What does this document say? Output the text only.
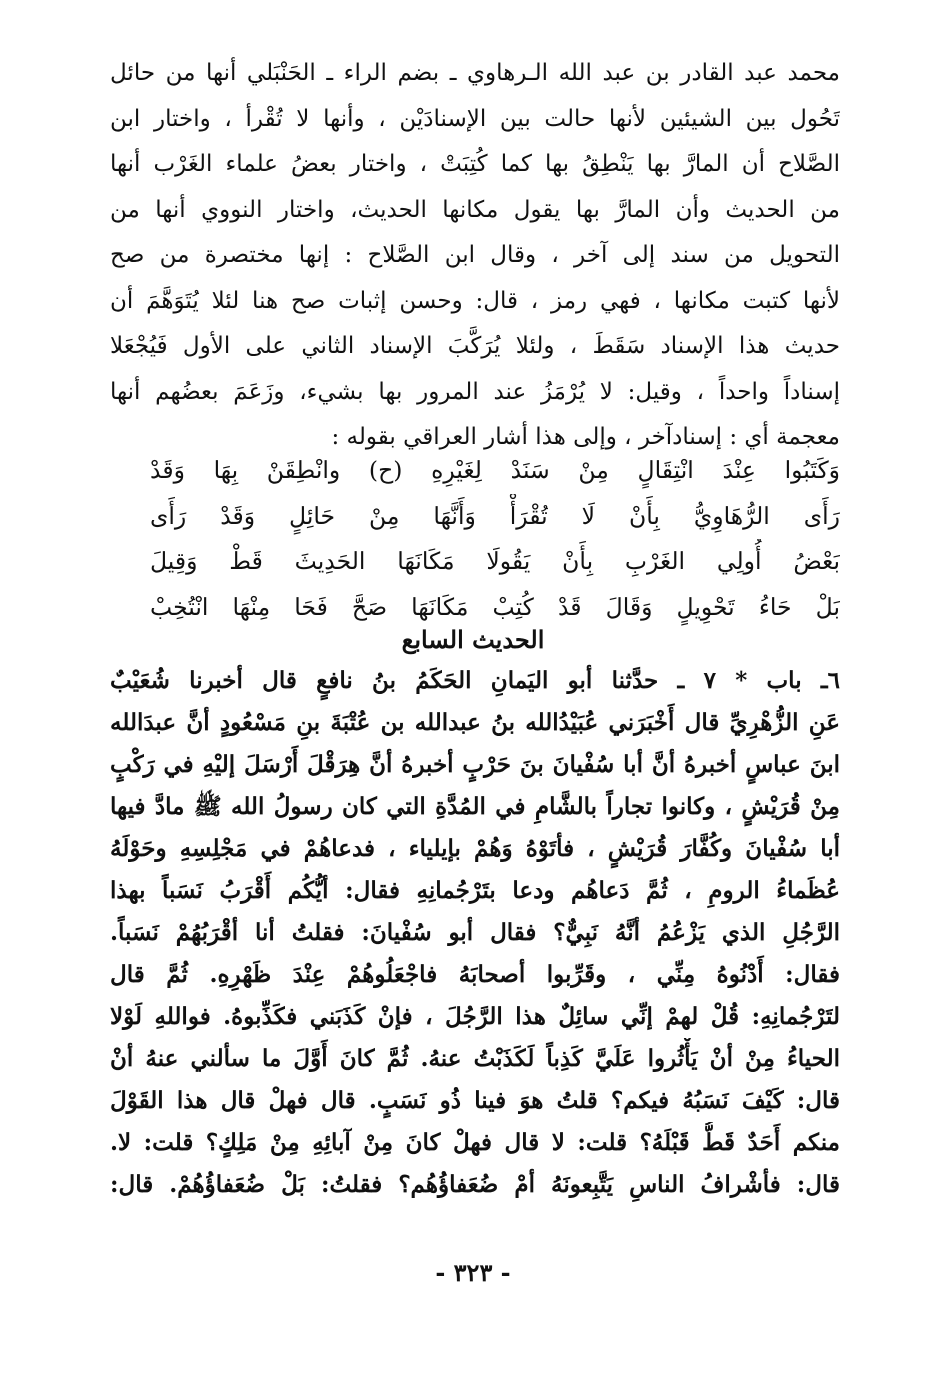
محمد عبد القادر بن عبد الله الـرهاوي ـ بضم الراء ـ الحَنْبَلي أنها من حائل
تَحُول بين الشيئين لأنها حالت بين الإسنادَيْن ، وأنها لا تُقْرأ ، واختار ابن
الصَّلاح أن المارَّ بها يَنْطِقُ بها كما كُتِبَتْ ، واختار بعضُ علماء الغَرْب أنها
من الحديث وأن المارَّ بها يقول مكانها الحديث، واختار النووي أنها من
التحويل من سند إلى آخر ، وقال ابن الصَّلاح : إنها مختصرة من صح
لأنها كتبت مكانها ، فهي رمز ، قال: وحسن إثبات صح هنا لئلا يُتَوَهَّمَ أن
حديث هذا الإسناد سَقَطَ ، ولئلا يُرَكَّبَ الإسناد الثاني على الأول فَيُجْعَلا
إسناداً واحداً ، وقيل: لا يُرْمَزُ عند المرور بها بشيء، وزَعَمَ بعضُهم أنها
معجمة أي : إسنادآخر ، وإلى هذا أشار العراقي بقوله :
وَكَتَبُوا عِنْدَ انْتِقَالٍ مِنْ سَنَدْ لِغَيْرِهِ (ح) وانْطِقَنْ بِهَا وَقَدْ
رَأَى الرُّهَاوِيُّ بِأَنْ لَا تُقْرَأْ وَأَنَّهَا مِنْ حَائِلٍ وَقَدْ رَأَى
بَعْضُ أُولِي الغَرْبِ بِأَنْ يَقُولَا مَكَانَهَا الحَدِيثَ قَطْ وَقِيلَ
بَلْ حَاءُ تَحْوِيلٍ وَقَالَ قَدْ كُتِبْ مَكَانَهَا صَحَّ فَحَا مِنْهَا انْتُخِبْ
الحديث السابع
٦ـ باب * ٧ ـ حدَّثنا أبو اليَمانِ الحَكَمُ بنُ نافعٍ قال أخبرنا شُعَيْبٌ
عَنِ الزُّهْرِيِّ قال أَخْبَرَني عُبَيْدُالله بنُ عبدالله بن عُتْبَةَ بنِ مَسْعُودٍ أنَّ عبدَالله
ابنَ عباسٍ أخبرهُ أنَّ أبا سُفْيانَ بنَ حَرْبٍ أخبرهُ أنَّ هِرَقْلَ أَرْسَلَ إليْهِ في رَكْبٍ
مِنْ قُرَيْشٍ ، وكانوا تجاراً بالشَّامِ في المُدَّةِ التي كان رسولُ الله ﷺ مادَّ فيها
أبا سُفْيانَ وكُفَّارَ قُرَيْشٍ ، فأتَوْهُ وَهُمْ بإيلياء ، فدعاهُمْ في مَجْلِسِهِ وحَوْلَهُ
عُظَماءُ الرومِ ، ثُمَّ دَعاهُم ودعا بتَرْجُمانِهِ فقال: أيُّكُم أَقْرَبُ نَسَباً بهذا
الرَّجُلِ الذي يَزْعُمُ أنَّهُ نَبِيٌّ؟ فقال أبو سُفْيانَ: فقلتُ أنا أقْرَبُهُمْ نَسَباً.
فقال: أَدْنُوهُ مِنِّي ، وقَرِّبوا أصحابَهُ فاجْعَلُوهُمْ عِنْدَ ظَهْرِهِ. ثُمَّ قال
لتَرْجُمانِهِ: قُلْ لهمْ إنِّي سائِلٌ هذا الرَّجُلَ ، فإنْ كَذَبَني فكَذِّبوهُ. فواللهِ لَوْلا
الحياءُ مِنْ أنْ يَأْثُروا عَلَيَّ كَذِباً لَكَذَبْتُ عنهُ. ثُمَّ كانَ أَوَّلَ ما سألني عنهُ أنْ
قال: كَيْفَ نَسَبُهُ فيكم؟ قلتُ هوَ فينا ذُو نَسَبٍ. قال فهلْ قال هذا القَوْلَ
منكم أَحَدٌ قَطُّ قَبْلَهُ؟ قلت: لا قال فهلْ كانَ مِنْ آبائِهِ مِنْ مَلِكٍ؟ قلت: لا.
قال: فأشْرافُ الناسِ يَتَّبِعونَهُ أمْ ضُعَفاؤُهُم؟ فقلتُ: بَلْ ضُعَفاؤُهُمْ. قال:
- ٣٢٣ -
